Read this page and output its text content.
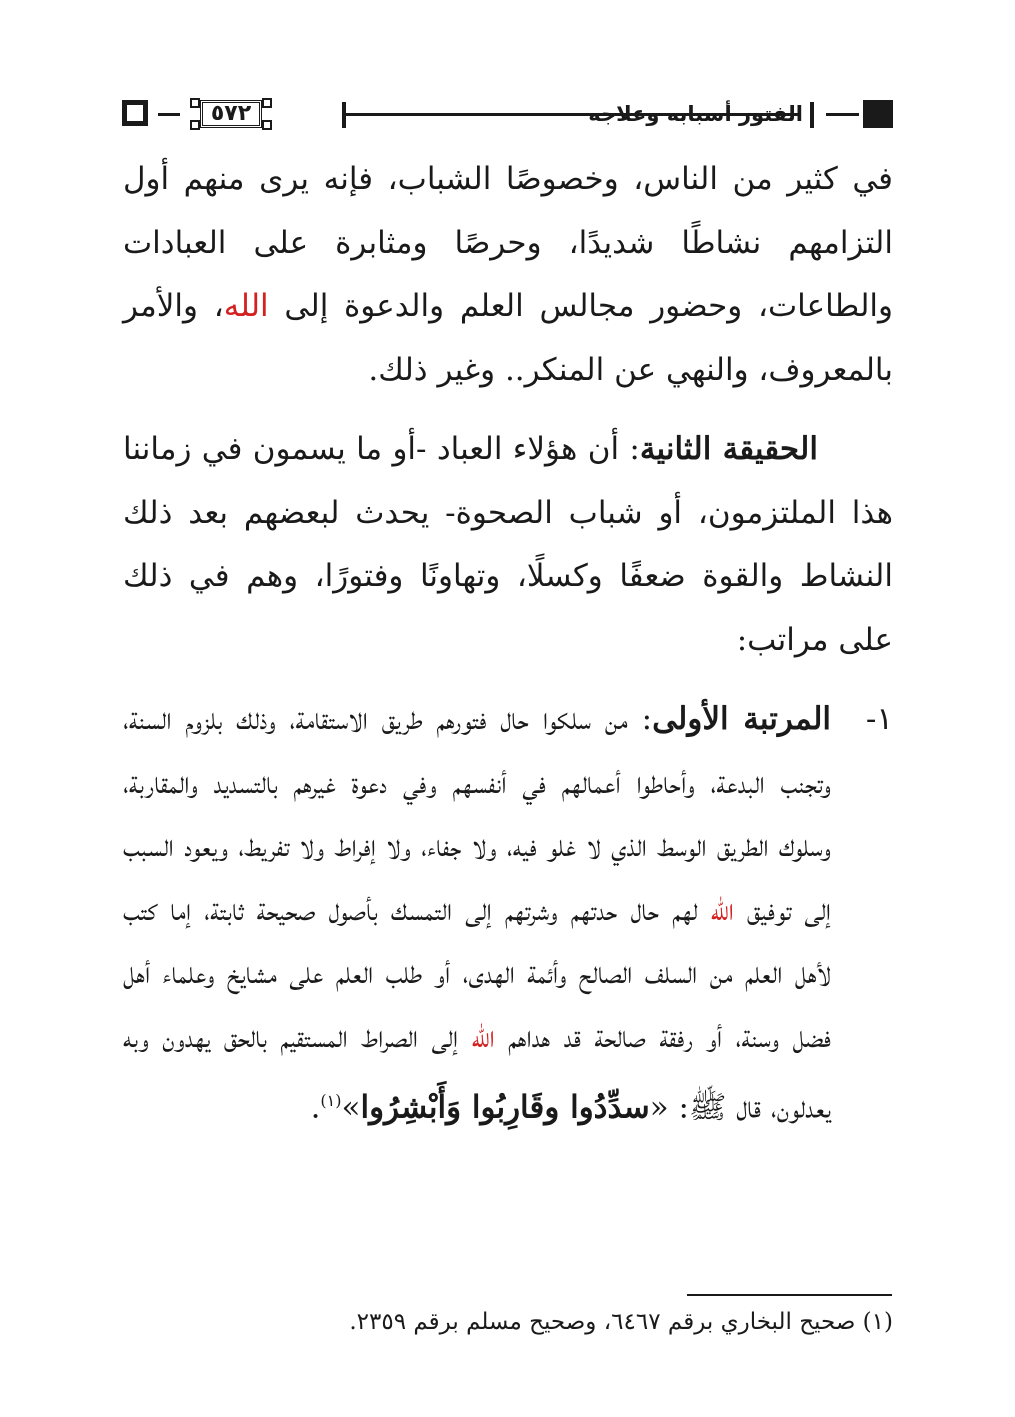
٥٧٢	الفتور أسبابه وعلاجه
في كثير من الناس، وخصوصًا الشباب، فإنه يرى منهم أول التزامهم نشاطًا شديدًا، وحرصًا ومثابرة على العبادات والطاعات، وحضور مجالس العلم والدعوة إلى الله، والأمر بالمعروف، والنهي عن المنكر.. وغير ذلك.
الحقيقة الثانية: أن هؤلاء العباد -أو ما يسمون في زماننا هذا الملتزمون، أو شباب الصحوة- يحدث لبعضهم بعد ذلك النشاط والقوة ضعفًا وكسلًا، وتهاونًا وفتورًا، وهم في ذلك على مراتب:
١-
المرتبة الأولى: من سلكوا حال فتورهم طريق الاستقامة، وذلك بلزوم السنة، وتجنب البدعة، وأحاطوا أعمالهم في أنفسهم وفي دعوة غيرهم بالتسديد والمقاربة، وسلوك الطريق الوسط الذي لا غلو فيه، ولا جفاء، ولا إفراط ولا تفريط، ويعود السبب إلى توفيق الله لهم حال حدتهم وشرتهم إلى التمسك بأصول صحيحة ثابتة، إما كتب لأهل العلم من السلف الصالح وأئمة الهدى، أو طلب العلم على مشايخ وعلماء أهل فضل وسنة، أو رفقة صالحة قد هداهم الله إلى الصراط المستقيم بالحق يهدون وبه يعدلون، قال ﷺ: «سدِّدُوا وقَارِبُوا وَأَبْشِرُوا»$^{(١)}$.
(١) صحيح البخاري برقم ٦٤٦٧، وصحيح مسلم برقم ٢٣٥٩.
